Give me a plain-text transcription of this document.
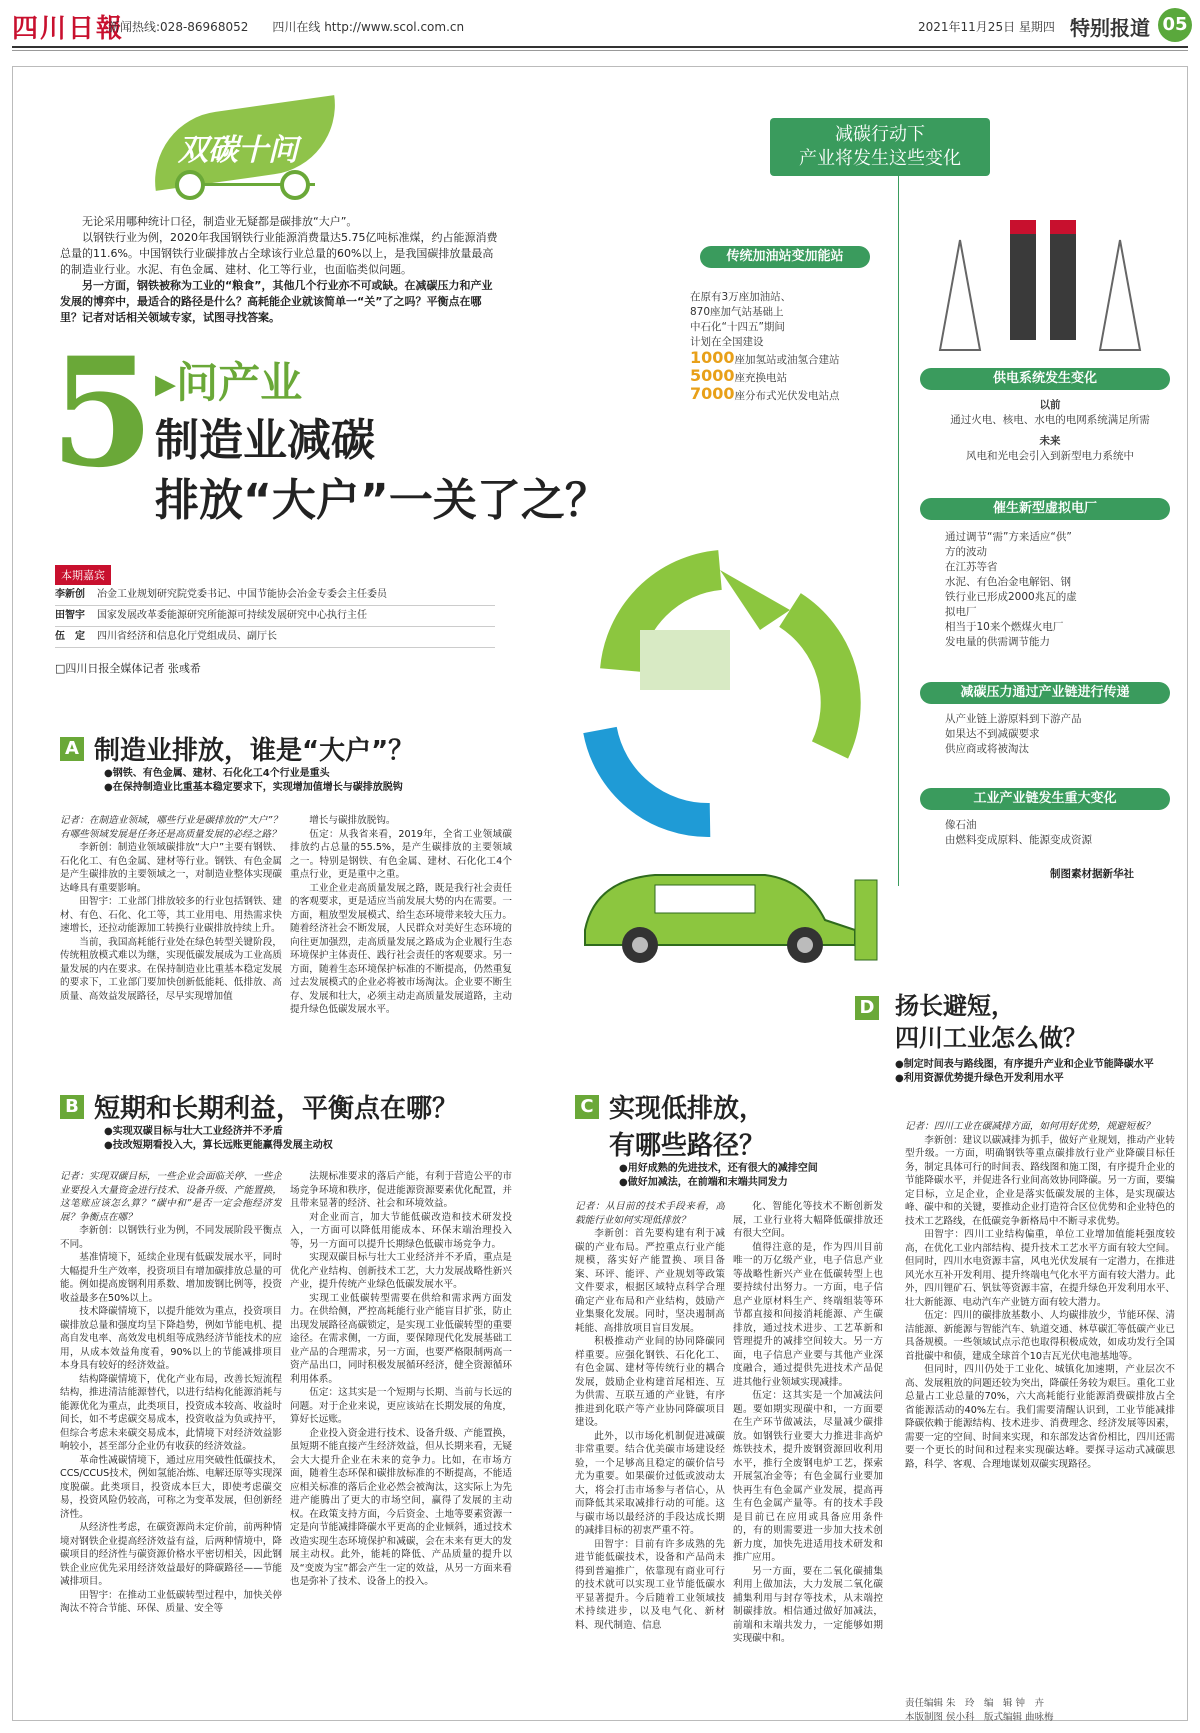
四川日報
新闻热线:028-86968052　　 四川在线 http://www.scol.com.cn	2021年11月25日 星期四 特别报道 05
双碳十问

无论采用哪种统计口径，制造业无疑都是碳排放“大户”。

以钢铁行业为例，2020年我国钢铁行业能源消费量达5.75亿吨标准煤，约占能源消费总量的11.6%。中国钢铁行业碳排放占全球该行业总量的60%以上，是我国碳排放量最高的制造业行业。水泥、有色金属、建材、化工等行业，也面临类似问题。

另一方面，钢铁被称为工业的“粮食”，其他几个行业亦不可或缺。在减碳压力和产业发展的博弈中，最适合的路径是什么？高耗能企业就该简单一“关”了之吗？平衡点在哪里？记者对话相关领域专家，试图寻找答案。

5 ▸问产业
制造业减碳
排放“大户”一关了之？
本期嘉宾
李新创	冶金工业规划研究院党委书记、中国节能协会冶金专委会主任委员
田智宇	国家发展改革委能源研究所能源可持续发展研究中心执行主任
伍　定	四川省经济和信息化厅党组成员、副厅长
□四川日报全媒体记者 张彧希
A 制造业排放，谁是“大户”？
●钢铁、有色金属、建材、石化化工4个行业是重头
●在保持制造业比重基本稳定要求下，实现增加值增长与碳排放脱钩

记者：在制造业领域，哪些行业是碳排放的“大户”？有哪些领域发展是任务还是高质量发展的必经之路？

李新创：制造业领域碳排放“大户”主要有钢铁、石化化工、有色金属、建材等行业。钢铁、有色金属是产生碳排放的主要领域之一，对制造业整体实现碳达峰具有重要影响。

田智宇：工业部门排放较多的行业包括钢铁、建材、有色、石化、化工等，其工业用电、用热需求快速增长，还拉动能源加工转换行业碳排放持续上升。

当前，我国高耗能行业处在绿色转型关键阶段，传统粗放模式难以为继，实现低碳发展成为工业高质量发展的内在要求。在保持制造业比重基本稳定发展的要求下，工业部门要加快创新低能耗、低排放、高质量、高效益发展路径，尽早实现增加值

增长与碳排放脱钩。

伍定：从我省来看，2019年，全省工业领域碳排放约占总量的55.5%，是产生碳排放的主要领域之一。特别是钢铁、有色金属、建材、石化化工4个重点行业，更是重中之重。

工业企业走高质量发展之路，既是我行社会责任的客观要求，更是适应当前发展大势的内在需要。一方面，粗放型发展模式、给生态环境带来较大压力。随着经济社会不断发展，人民群众对美好生态环境的向往更加强烈，走高质量发展之路成为企业履行生态环境保护主体责任、践行社会责任的客观要求。另一方面，随着生态环境保护标准的不断提高，仍然重复过去发展模式的企业必将被市场淘汰。企业要不断生存、发展和壮大，必须主动走高质量发展道路，主动提升绿色低碳发展水平。

B 短期和长期利益，平衡点在哪？
●实现双碳目标与壮大工业经济并不矛盾
●技改短期看投入大，算长远账更能赢得发展主动权

记者：实现双碳目标，一些企业会面临关停、一些企业要投入大量资金进行技术、设备升级、产能置换，这笔账应该怎么算？“碳中和”是否一定会拖经济发展？争衡点在哪？

李新创：以钢铁行业为例，不同发展阶段平衡点不同。

基准情境下，延续企业现有低碳发展水平，同时大幅提升生产效率，投资项目有增加碳排放总量的可能。例如提高废钢利用系数、增加废钢比例等，投资收益最多在50%以上。

技术降碳情境下，以提升能效为重点，投资项目碳排放总量和强度均呈下降趋势，例如节能电机、提高自发电率、高效发电机组等成熟经济节能技术的应用，从成本效益角度看，90%以上的节能减排项目本身具有较好的经济效益。

结构降碳情境下，优化产业布局，改善长短流程结构，推进清洁能源替代，以进行结构化能源消耗与能源优化为重点，此类项目，投资成本较高、收益时间长，如不考虑碳交易成本，投资收益为负或持平，但综合考虑未来碳交易成本，此情境下对经济效益影响较小，甚至部分企业仍有收获的经济效益。

革命性减碳情境下，通过应用突破性低碳技术，CCS/CCUS技术，例如氢能冶炼、电解还原等实现深度脱碳。此类项目，投资成本巨大，即使考虑碳交易，投资风险仍较高，可称之为变革发展，但创新经济性。

从经济性考虑，在碳资源尚未定价前，前两种情境对钢铁企业提高经济效益有益，后两种情境中，降碳项目的经济性与碳资源价格水平密切相关，因此钢铁企业应优先采用经济效益最好的降碳路径——节能减排项目。

田智宇：在推动工业低碳转型过程中，加快关停淘汰不符合节能、环保、质量、安全等

法规标准要求的落后产能，有利于营造公平的市场竞争环境和秩序，促进能源资源要素优化配置，并且带来显著的经济、社会和环境效益。

对企业而言，加大节能低碳改造和技术研发投入，一方面可以降低用能成本、环保末端治理投入等，另一方面可以提升长期绿色低碳市场竞争力。

实现双碳目标与壮大工业经济并不矛盾，重点是优化产业结构、创新技术工艺，大力发展战略性新兴产业，提升传统产业绿色低碳发展水平。

实现工业低碳转型需要在供给和需求两方面发力。在供给侧，严控高耗能行业产能盲目扩张，防止出现发展路径高碳锁定，是实现工业低碳转型的重要途径。在需求侧，一方面，要保障现代化发展基础工业产品的合理需求，另一方面，也要严格限制两高一资产品出口，同时积极发展循环经济，健全资源循环利用体系。

伍定：这其实是一个短期与长期、当前与长远的问题。对于企业来说，更应该站在长期发展的角度，算好长远账。

企业投入资金进行技术、设备升级、产能置换，虽短期不能直接产生经济效益，但从长期来看，无疑会大大提升企业在未来的竞争力。比如，在市场方面，随着生态环保和碳排放标准的不断提高，不能适应相关标准的落后企业必然会被淘汰，这实际上为先进产能腾出了更大的市场空间，赢得了发展的主动权。在政策支持方面，今后资金、土地等要素资源一定是向节能减排降碳水平更高的企业倾斜，通过技术改造实现生态环境保护和减碳，会在未来有更大的发展主动权。此外，能耗的降低、产品质量的提升以及“变废为宝”都会产生一定的效益，从另一方面来看也是弥补了技术、设备上的投入。

C 实现低排放，
有哪些路径？
●用好成熟的先进技术，还有很大的减排空间
●做好加减法，在前端和末端共同发力

记者：从目前的技术手段来看，高载能行业如何实现低排放？

李新创：首先要构建有利于减碳的产业布局。严控重点行业产能规模，落实好产能置换、项目备案、环评、能评、产业规划等政策文件要求，根据区域特点科学合理确定产业布局和产业结构，鼓励产业集聚化发展。同时，坚决遏制高耗能、高排放项目盲目发展。

积极推动产业间的协同降碳同样重要。应强化钢铁、石化化工、有色金属、建材等传统行业的耦合发展，鼓励企业构建首尾相连、互为供需、互联互通的产业链，有序推进到化联产等产业协同降碳项目建设。

此外，以市场化机制促进减碳非常重要。结合优美碳市场建设经验，一个足够高且稳定的碳价信号尤为重要。如果碳价过低或波动太大，将会打击市场参与者信心，从而降低其采取减排行动的可能。这与碳市场以最经济的手段达成长期的减排目标的初衷严重不符。

田智宇：目前有许多成熟的先进节能低碳技术，设备和产品尚未得到普遍推广，依靠现有商业可行的技术就可以实现工业节能低碳水平显著提升。今后随着工业领域技术持续进步，以及电气化、新材料、现代制造、信息

化、智能化等技术不断创新发展，工业行业将大幅降低碳排放还有很大空间。

值得注意的是，作为四川目前唯一的万亿级产业，电子信息产业等战略性新兴产业在低碳转型上也要持续付出努力。一方面，电子信息产业原材料生产、终端组装等环节都直接和间接消耗能源、产生碳排放，通过技术进步、工艺革新和管理提升的减排空间较大。另一方面，电子信息产业要与其他产业深度融合，通过提供先进技术产品促进其他行业领域实现减排。

伍定：这其实是一个加减法问题。要如期实现碳中和，一方面要在生产环节做减法，尽量减少碳排放。如钢铁行业要大力推进非高炉炼铁技术，提升废钢资源回收利用水平，推行全废钢电炉工艺，探索开展氢冶金等；有色金属行业要加快再生有色金属产业发展，提高再生有色金属产量等。有的技术手段是目前已在应用或具备应用条件的，有的则需要进一步加大技术创新力度，加快先进适用技术研发和推广应用。

另一方面，要在二氧化碳捕集利用上做加法，大力发展二氧化碳捕集利用与封存等技术，从末端控制碳排放。相信通过做好加减法，前端和末端共发力，一定能够如期实现碳中和。

D 扬长避短，
四川工业怎么做？
●制定时间表与路线图，有序提升产业和企业节能降碳水平
●利用资源优势提升绿色开发利用水平

记者：四川工业在碳减排方面，如何用好优势，规避短板？

李新创：建议以碳减排为抓手，做好产业规划，推动产业转型升级。一方面，明确钢铁等重点碳排放行业产业降碳目标任务，制定具体可行的时间表、路线图和施工图，有序提升企业的节能降碳水平，并促进各行业间高效协同降碳。另一方面，要编定目标，立足企业，企业是落实低碳发展的主体，是实现碳达峰、碳中和的关键，要推动企业打造符合区位优势和企业特色的技术工艺路线，在低碳竞争新格局中不断寻求优势。

田智宇：四川工业结构偏重，单位工业增加值能耗强度较高，在优化工业内部结构、提升技术工艺水平方面有较大空间。但同时，四川水电资源丰富，风电光伏发展有一定潜力，在推进风光水互补开发利用、提升终端电气化水平方面有较大潜力。此外，四川锂矿石、钒钛等资源丰富，在提升绿色开发利用水平、壮大新能源、电动汽车产业链方面有较大潜力。

伍定：四川的碳排放基数小、人均碳排放少，节能环保、清洁能源、新能源与智能汽车、轨道交通、林草碳汇等低碳产业已具备规模。一些领域试点示范也取得积极成效，如成功发行全国首批碳中和债，建成全球首个10吉瓦光伏电池基地等。

但同时，四川仍处于工业化、城镇化加速期，产业层次不高、发展粗放的问题还较为突出，降碳任务较为艰巨。重化工业总量占工业总量的70%，六大高耗能行业能源消费碳排放占全省能源活动的40%左右。我们需要清醒认识到，工业节能减排降碳依赖于能源结构、技术进步、消费理念、经济发展等因素，需要一定的空间、时间来实现，和东部发达省份相比，四川还需要一个更长的时间和过程来实现碳达峰。要探寻运动式减碳思路，科学、客观、合理地谋划双碳实现路径。

减碳行动下
产业将发生这些变化
传统加油站变加能站
在原有3万座加油站、
870座加气站基础上
中石化“十四五”期间
计划在全国建设
1000座加氢站或油氢合建站
5000座充换电站
7000座分布式光伏发电站点
供电系统发生变化
以前
通过火电、核电、水电的电网系统满足所需
未来
风电和光电会引入到新型电力系统中
催生新型虚拟电厂
通过调节“需”方来适应“供”
方的波动
在江苏等省
水泥、有色冶金电解铝、钢
铁行业已形成2000兆瓦的虚
拟电厂
相当于10来个燃煤火电厂
发电量的供需调节能力
减碳压力通过产业链进行传递
从产业链上游原料到下游产品
如果达不到减碳要求
供应商或将被淘汰
工业产业链发生重大变化
像石油
由燃料变成原料、能源变成资源
制图素材据新华社
责任编辑 朱　玲　编　辑 钟　卉
本版制图 侯小科　版式编辑 曲咏梅
